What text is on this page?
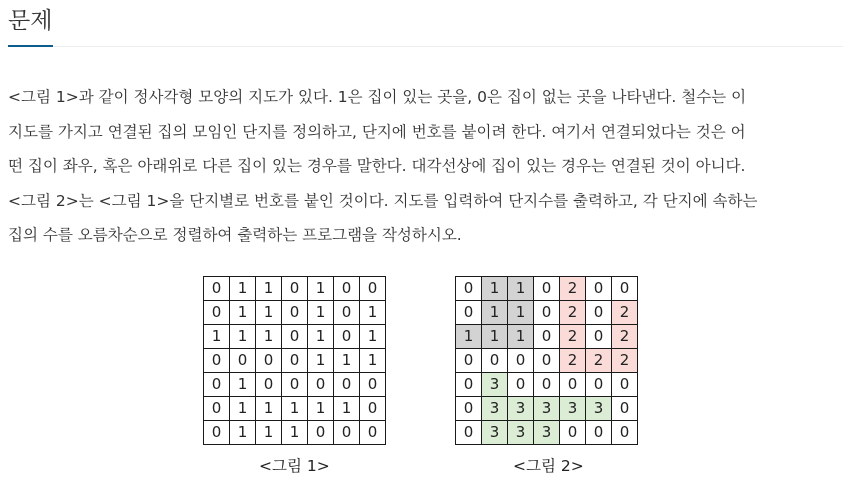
문제

<그림 1>과 같이 정사각형 모양의 지도가 있다. 1은 집이 있는 곳을, 0은 집이 없는 곳을 나타낸다. 철수는 이

지도를 가지고 연결된 집의 모임인 단지를 정의하고, 단지에 번호를 붙이려 한다. 여기서 연결되었다는 것은 어

떤 집이 좌우, 혹은 아래위로 다른 집이 있는 경우를 말한다. 대각선상에 집이 있는 경우는 연결된 것이 아니다.

<그림 2>는 <그림 1>을 단지별로 번호를 붙인 것이다. 지도를 입력하여 단지수를 출력하고, 각 단지에 속하는

집의 수를 오름차순으로 정렬하여 출력하는 프로그램을 작성하시오.

0	1	1	0	1	0	0
0	1	1	0	1	0	1
1	1	1	0	1	0	1
0	0	0	0	1	1	1
0	1	0	0	0	0	0
0	1	1	1	1	1	0
0	1	1	1	0	0	0
0	1	1	0	2	0	0
0	1	1	0	2	0	2
1	1	1	0	2	0	2
0	0	0	0	2	2	2
0	3	0	0	0	0	0
0	3	3	3	3	3	0
0	3	3	3	0	0	0
<그림 1>	<그림 2>
